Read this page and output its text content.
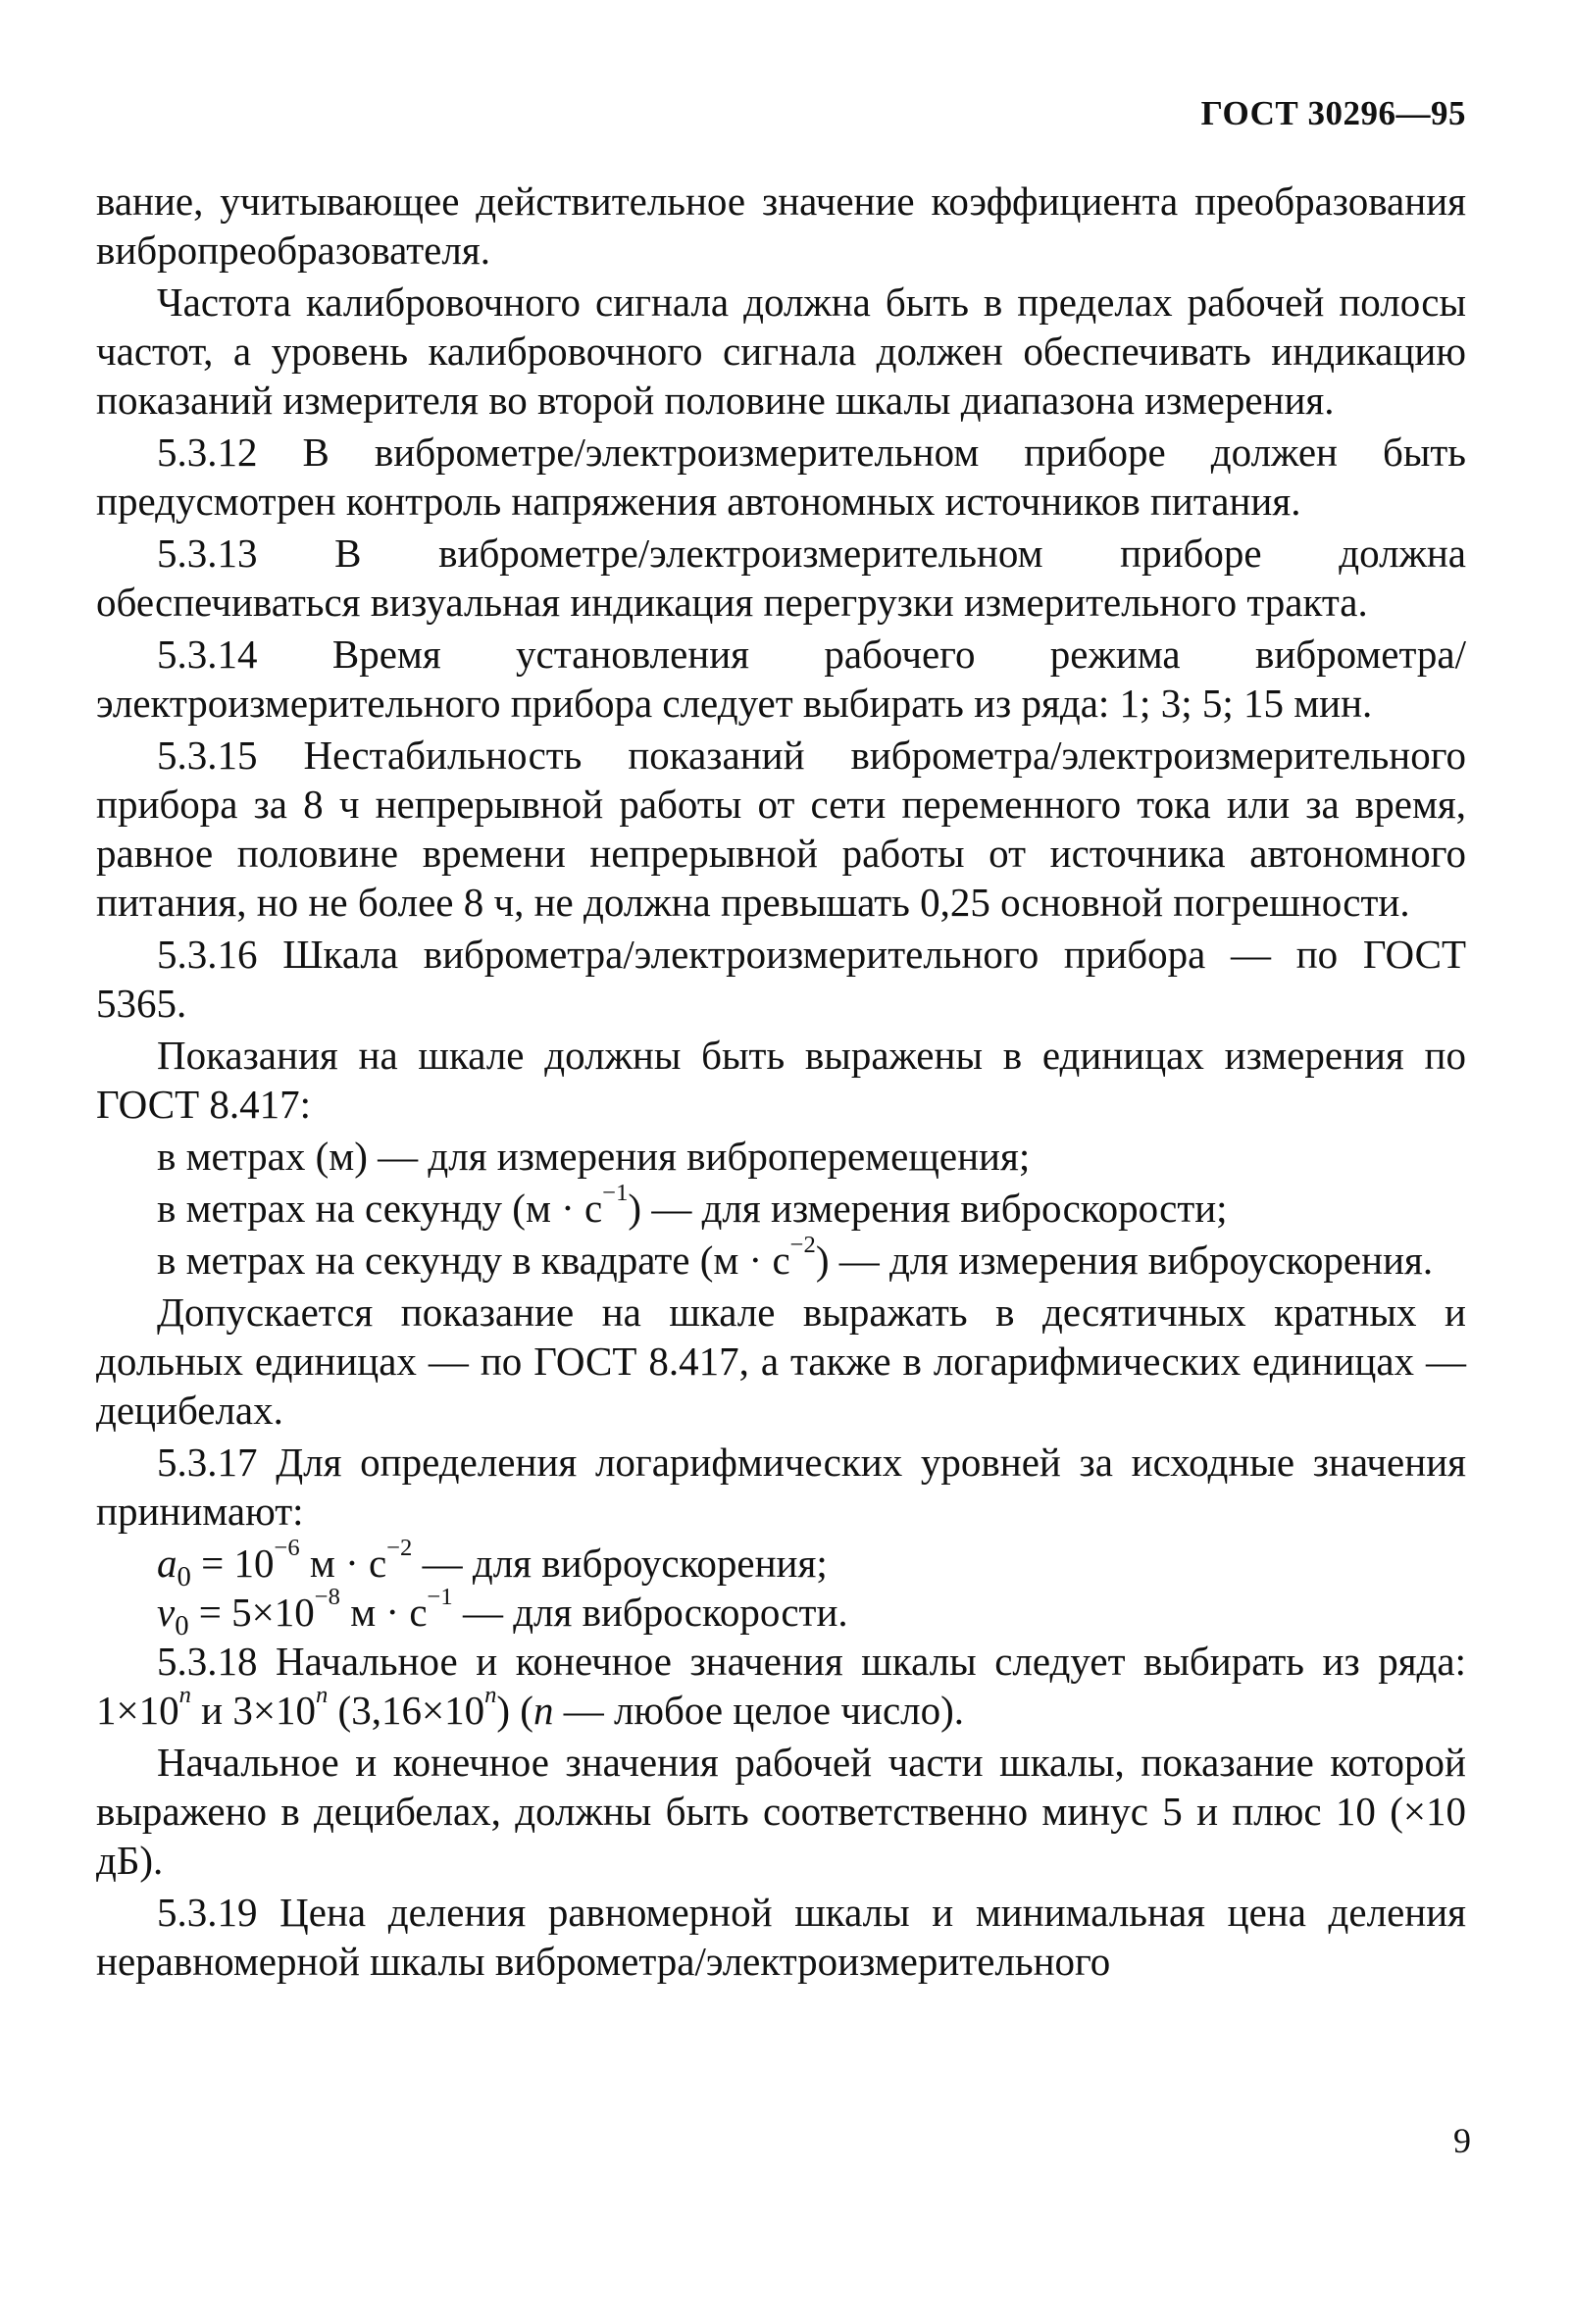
ГОСТ 30296—95

вание, учитывающее действительное значение коэффициента преобразования вибропреобразователя.

Частота калибровочного сигнала должна быть в пределах рабочей полосы частот, а уровень калибровочного сигнала должен обеспечивать индикацию показаний измерителя во второй половине шкалы диапазона измерения.

5.3.12 В виброметре/электроизмерительном приборе должен быть предусмотрен контроль напряжения автономных источников питания.

5.3.13 В виброметре/электроизмерительном приборе должна обеспечиваться визуальная индикация перегрузки измерительного тракта.

5.3.14 Время установления рабочего режима виброметра/электроизмерительного прибора следует выбирать из ряда: 1; 3; 5; 15 мин.

5.3.15 Нестабильность показаний виброметра/электроизмерительного прибора за 8 ч непрерывной работы от сети переменного тока или за время, равное половине времени непрерывной работы от источника автономного питания, но не более 8 ч, не должна превышать 0,25 основной погрешности.

5.3.16 Шкала виброметра/электроизмерительного прибора — по ГОСТ 5365.

Показания на шкале должны быть выражены в единицах измерения по ГОСТ 8.417:

в метрах (м) — для измерения виброперемещения;

в метрах на секунду $(м \cdot с^{-1})$ — для измерения виброскорости;

в метрах на секунду в квадрате $(м \cdot с^{-2})$ — для измерения виброускорения.

Допускается показание на шкале выражать в десятичных кратных и дольных единицах — по ГОСТ 8.417, а также в логарифмических единицах — децибелах.

5.3.17 Для определения логарифмических уровней за исходные значения принимают:

$a_0 = 10^{-6}$ $м \cdot с^{-2}$ — для виброускорения;

$v_0 = 5\times 10^{-8}$ $м \cdot с^{-1}$ — для виброскорости.

5.3.18 Начальное и конечное значения шкалы следует выбирать из ряда: $1\times 10^n$ и $3\times 10^n$ $(3,16\times 10^n)$ (n — любое целое число).

Начальное и конечное значения рабочей части шкалы, показание которой выражено в децибелах, должны быть соответственно минус 5 и плюс 10 (×10 дБ).

5.3.19 Цена деления равномерной шкалы и минимальная цена деления неравномерной шкалы виброметра/электроизмерительного

9
